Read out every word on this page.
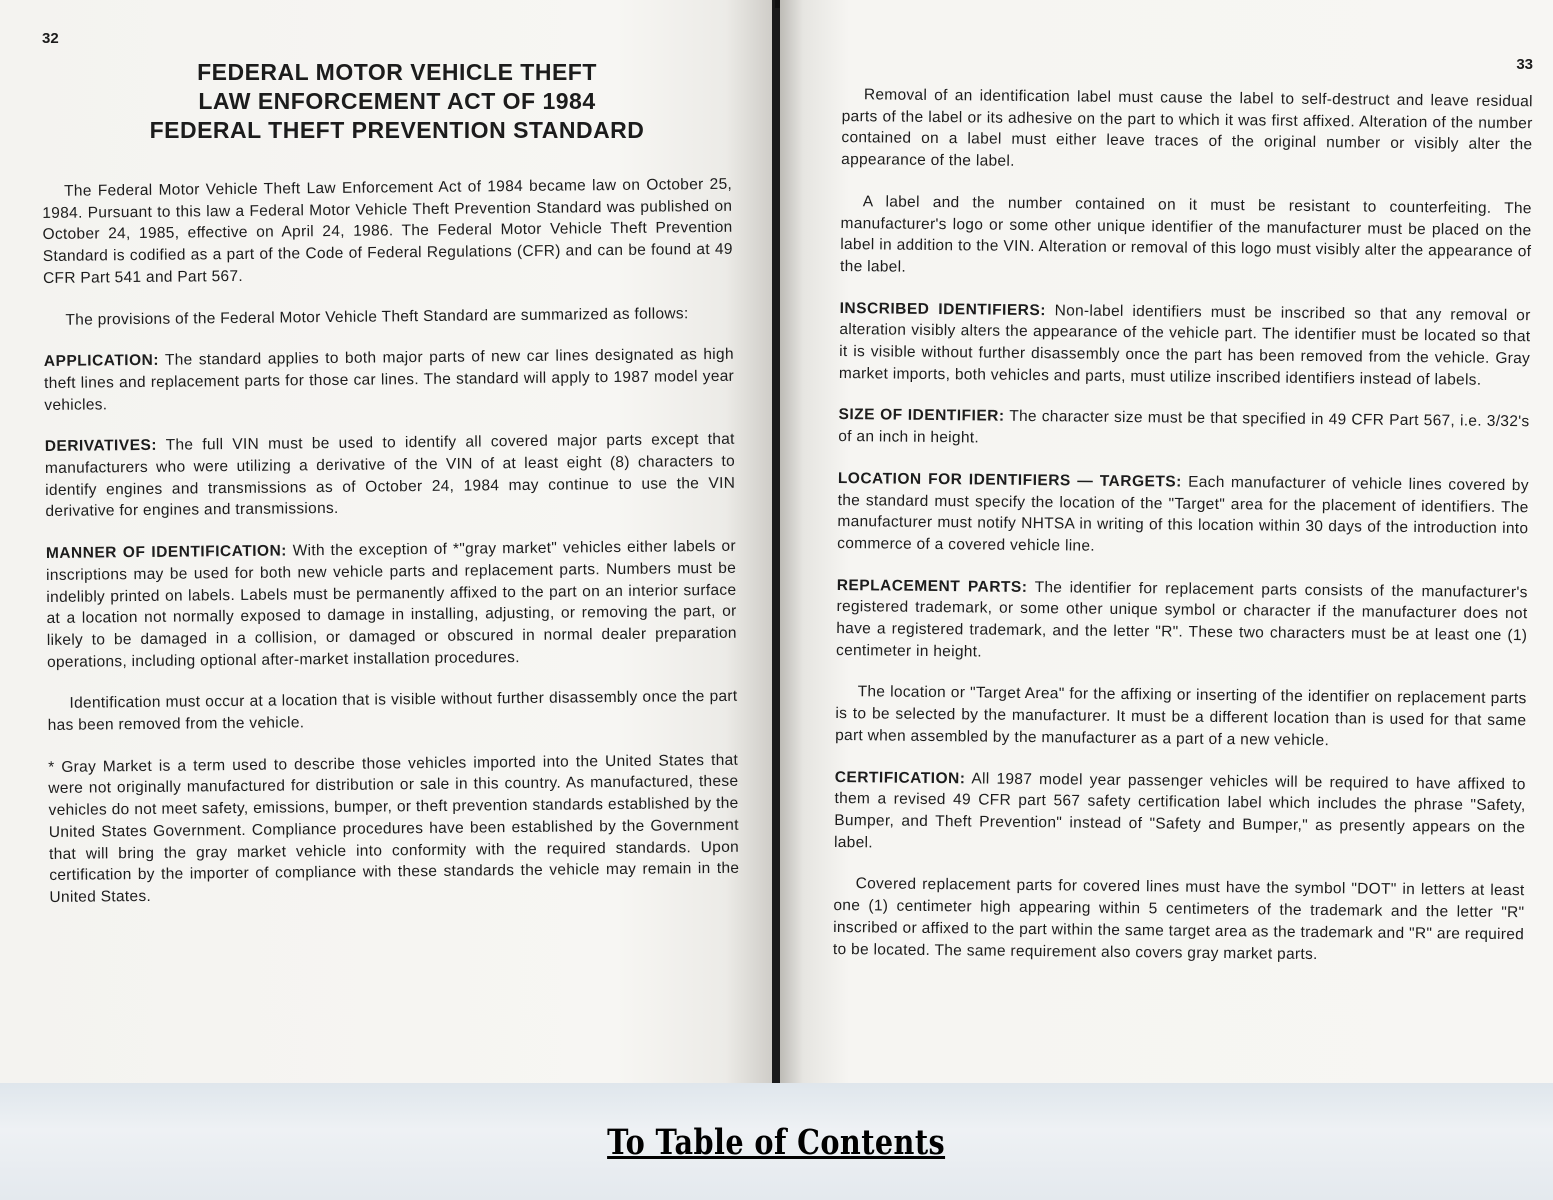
32
FEDERAL MOTOR VEHICLE THEFT
LAW ENFORCEMENT ACT OF 1984
FEDERAL THEFT PREVENTION STANDARD

The Federal Motor Vehicle Theft Law Enforcement Act of 1984 became law on October 25, 1984. Pursuant to this law a Federal Motor Vehicle Theft Prevention Standard was published on October 24, 1985, effective on April 24, 1986. The Federal Motor Vehicle Theft Prevention Standard is codified as a part of the Code of Federal Regulations (CFR) and can be found at 49 CFR Part 541 and Part 567.

The provisions of the Federal Motor Vehicle Theft Standard are summarized as follows:

APPLICATION: The standard applies to both major parts of new car lines designated as high theft lines and replacement parts for those car lines. The standard will apply to 1987 model year vehicles.

DERIVATIVES: The full VIN must be used to identify all covered major parts except that manufacturers who were utilizing a derivative of the VIN of at least eight (8) characters to identify engines and transmissions as of October 24, 1984 may continue to use the VIN derivative for engines and transmissions.

MANNER OF IDENTIFICATION: With the exception of *"gray market" vehicles either labels or inscriptions may be used for both new vehicle parts and replacement parts. Numbers must be indelibly printed on labels. Labels must be permanently affixed to the part on an interior surface at a location not normally exposed to damage in installing, adjusting, or removing the part, or likely to be damaged in a collision, or damaged or obscured in normal dealer preparation operations, including optional after-market installation procedures.

Identification must occur at a location that is visible without further disassembly once the part has been removed from the vehicle.

* Gray Market is a term used to describe those vehicles imported into the United States that were not originally manufactured for distribution or sale in this country. As manufactured, these vehicles do not meet safety, emissions, bumper, or theft prevention standards established by the United States Government. Compliance procedures have been established by the Government that will bring the gray market vehicle into conformity with the required standards. Upon certification by the importer of compliance with these standards the vehicle may remain in the United States.

33

Removal of an identification label must cause the label to self-destruct and leave residual parts of the label or its adhesive on the part to which it was first affixed. Alteration of the number contained on a label must either leave traces of the original number or visibly alter the appearance of the label.

A label and the number contained on it must be resistant to counterfeiting. The manufacturer's logo or some other unique identifier of the manufacturer must be placed on the label in addition to the VIN. Alteration or removal of this logo must visibly alter the appearance of the label.

INSCRIBED IDENTIFIERS: Non-label identifiers must be inscribed so that any removal or alteration visibly alters the appearance of the vehicle part. The identifier must be located so that it is visible without further disassembly once the part has been removed from the vehicle. Gray market imports, both vehicles and parts, must utilize inscribed identifiers instead of labels.

SIZE OF IDENTIFIER: The character size must be that specified in 49 CFR Part 567, i.e. 3/32's of an inch in height.

LOCATION FOR IDENTIFIERS — TARGETS: Each manufacturer of vehicle lines covered by the standard must specify the location of the "Target" area for the placement of identifiers. The manufacturer must notify NHTSA in writing of this location within 30 days of the introduction into commerce of a covered vehicle line.

REPLACEMENT PARTS: The identifier for replacement parts consists of the manufacturer's registered trademark, or some other unique symbol or character if the manufacturer does not have a registered trademark, and the letter "R". These two characters must be at least one (1) centimeter in height.

The location or "Target Area" for the affixing or inserting of the identifier on replacement parts is to be selected by the manufacturer. It must be a different location than is used for that same part when assembled by the manufacturer as a part of a new vehicle.

CERTIFICATION: All 1987 model year passenger vehicles will be required to have affixed to them a revised 49 CFR part 567 safety certification label which includes the phrase "Safety, Bumper, and Theft Prevention" instead of "Safety and Bumper," as presently appears on the label.

Covered replacement parts for covered lines must have the symbol "DOT" in letters at least one (1) centimeter high appearing within 5 centimeters of the trademark and the letter "R" inscribed or affixed to the part within the same target area as the trademark and "R" are required to be located. The same requirement also covers gray market parts.

To Table of Contents
